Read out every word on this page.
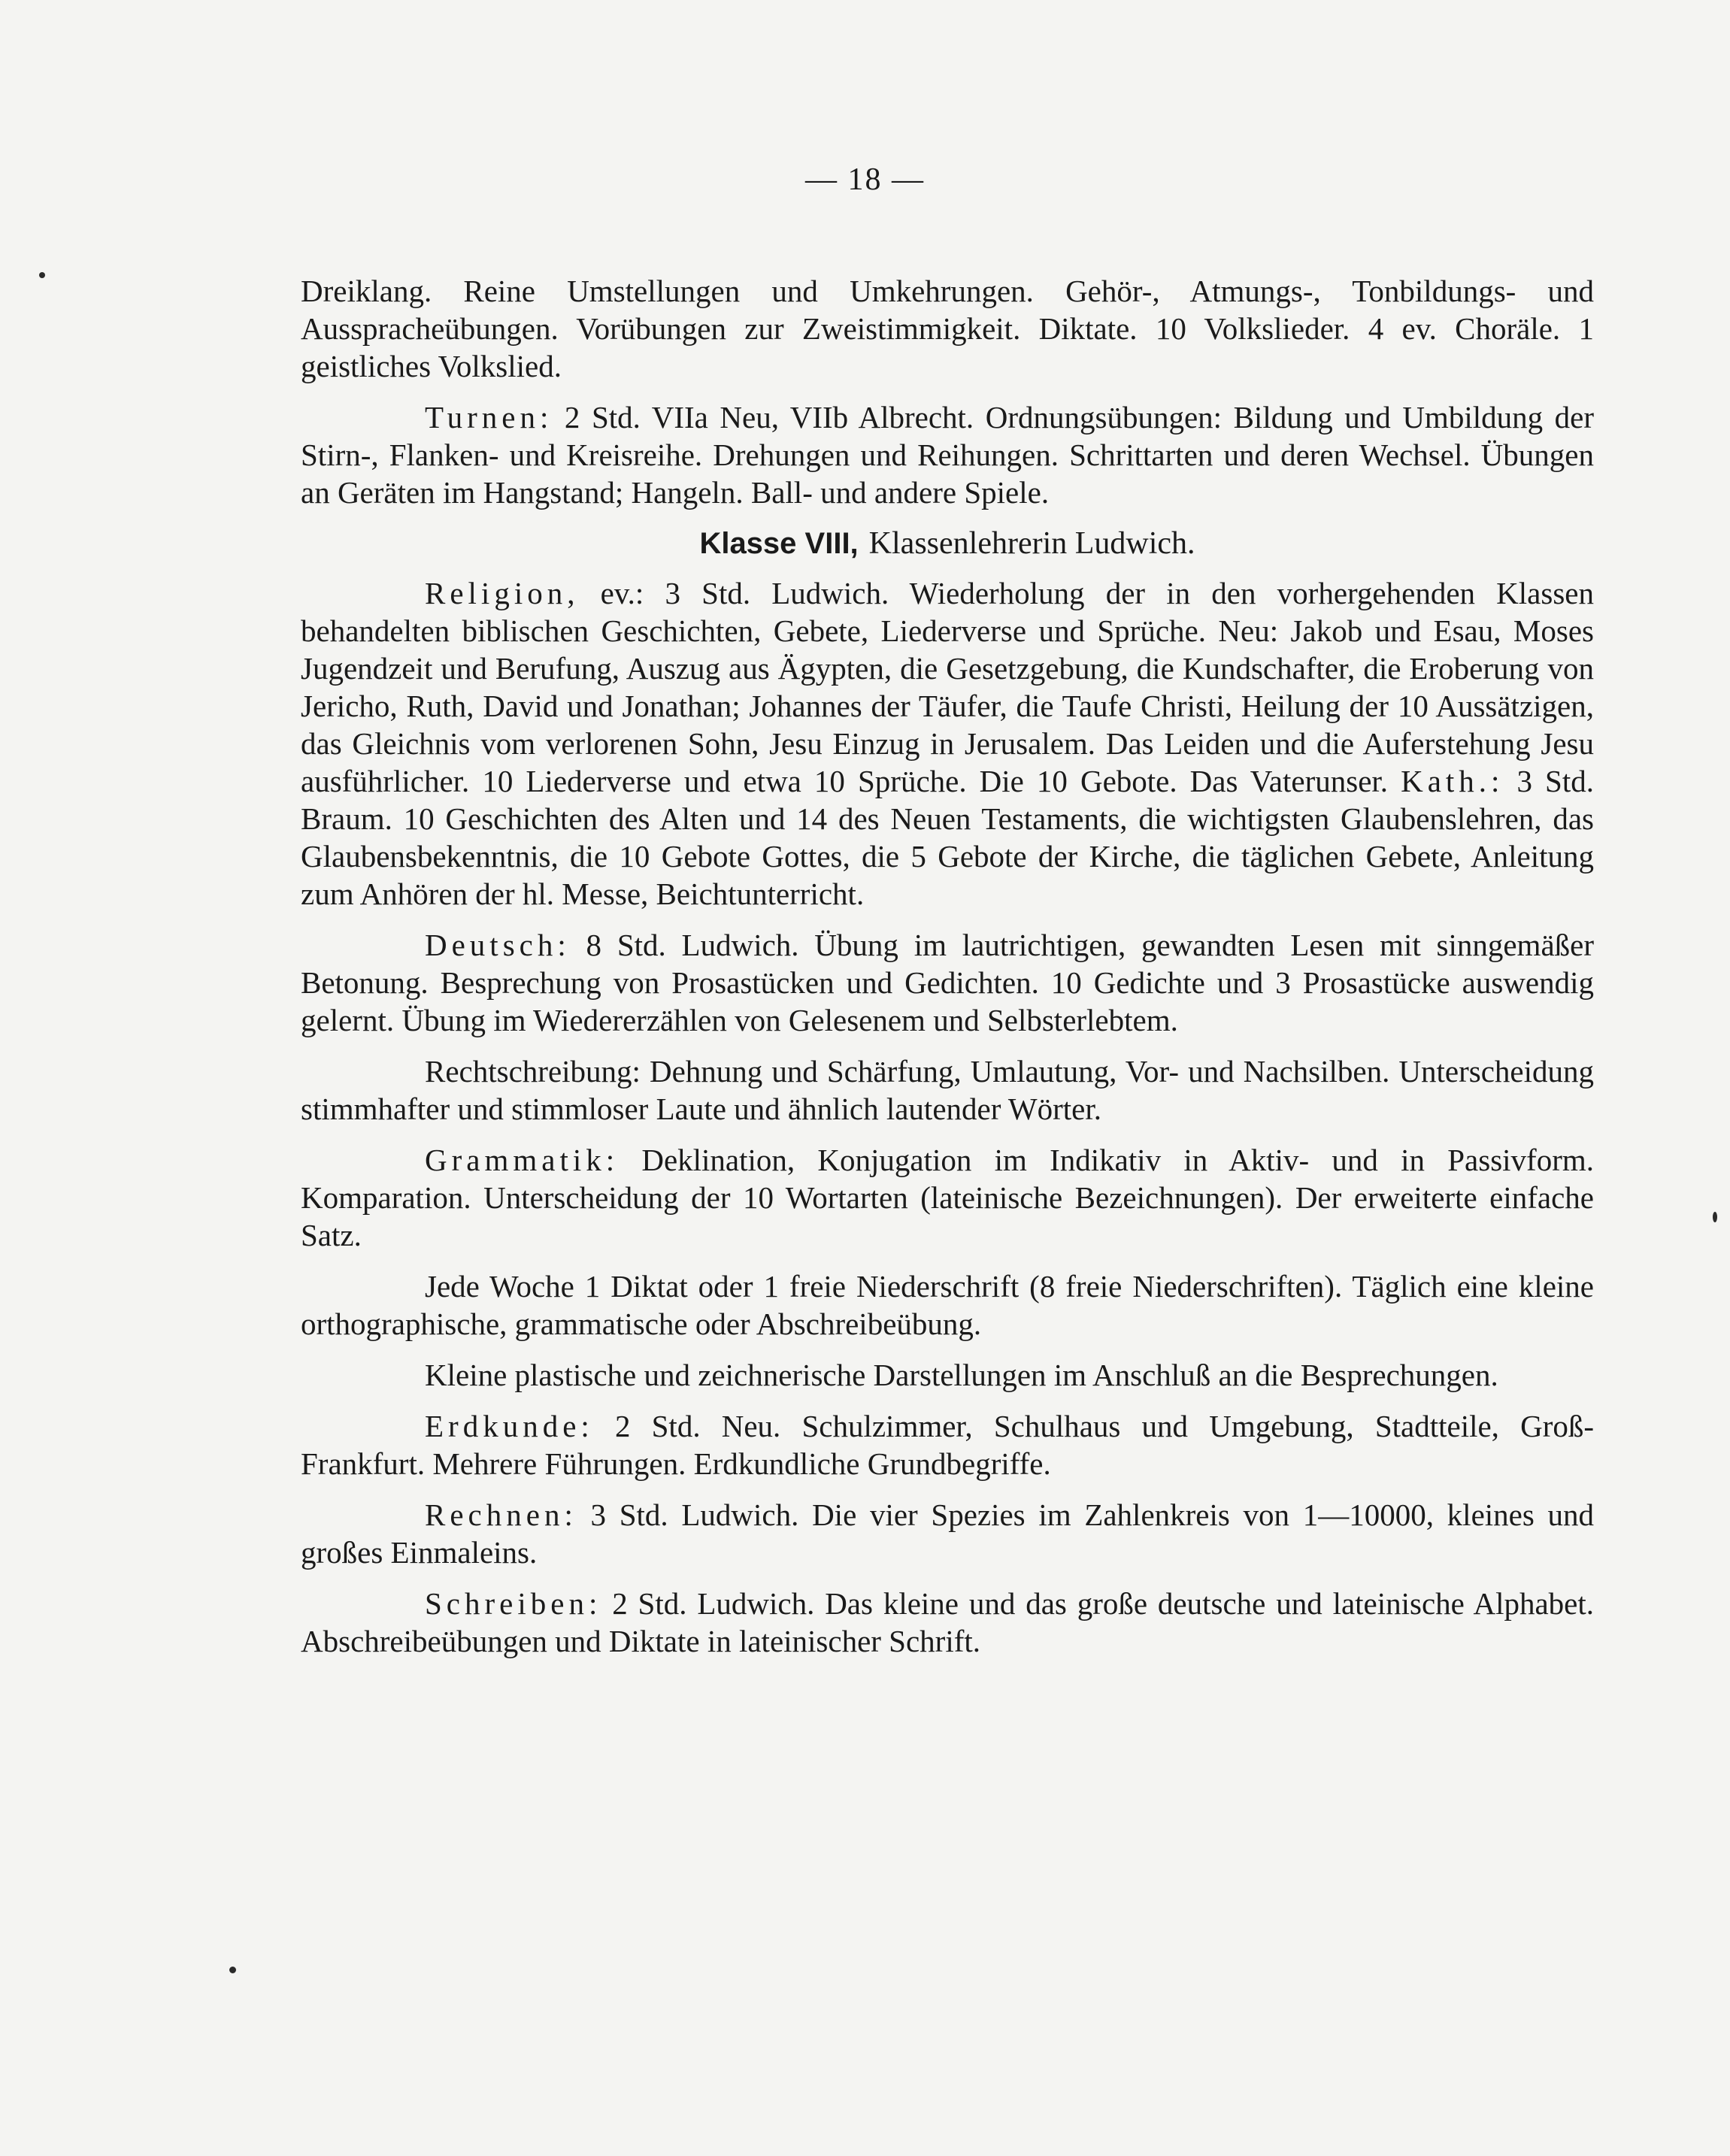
— 18 —

Dreiklang. Reine Umstellungen und Umkehrungen. Gehör-, Atmungs-, Tonbildungs- und Ausspracheübungen. Vorübungen zur Zweistimmigkeit. Diktate. 10 Volkslieder. 4 ev. Choräle. 1 geistliches Volkslied.

Turnen: 2 Std. VIIa Neu, VIIb Albrecht. Ordnungsübungen: Bildung und Umbildung der Stirn-, Flanken- und Kreisreihe. Drehungen und Reihungen. Schrittarten und deren Wechsel. Übungen an Geräten im Hangstand; Hangeln. Ball- und andere Spiele.

Klasse VIII, Klassenlehrerin Ludwich.

Religion, ev.: 3 Std. Ludwich. Wiederholung der in den vorhergehenden Klassen behandelten biblischen Geschichten, Gebete, Liederverse und Sprüche. Neu: Jakob und Esau, Moses Jugendzeit und Berufung, Auszug aus Ägypten, die Gesetzgebung, die Kundschafter, die Eroberung von Jericho, Ruth, David und Jonathan; Johannes der Täufer, die Taufe Christi, Heilung der 10 Aussätzigen, das Gleichnis vom verlorenen Sohn, Jesu Einzug in Jerusalem. Das Leiden und die Auferstehung Jesu ausführlicher. 10 Liederverse und etwa 10 Sprüche. Die 10 Gebote. Das Vaterunser. Kath.: 3 Std. Braum. 10 Geschichten des Alten und 14 des Neuen Testaments, die wichtigsten Glaubenslehren, das Glaubensbekenntnis, die 10 Gebote Gottes, die 5 Gebote der Kirche, die täglichen Gebete, Anleitung zum Anhören der hl. Messe, Beichtunterricht.

Deutsch: 8 Std. Ludwich. Übung im lautrichtigen, gewandten Lesen mit sinngemäßer Betonung. Besprechung von Prosastücken und Gedichten. 10 Gedichte und 3 Prosastücke auswendig gelernt. Übung im Wiedererzählen von Gelesenem und Selbsterlebtem.

Rechtschreibung: Dehnung und Schärfung, Umlautung, Vor- und Nachsilben. Unterscheidung stimmhafter und stimmloser Laute und ähnlich lautender Wörter.

Grammatik: Deklination, Konjugation im Indikativ in Aktiv- und in Passivform. Komparation. Unterscheidung der 10 Wortarten (lateinische Bezeichnungen). Der erweiterte einfache Satz.

Jede Woche 1 Diktat oder 1 freie Niederschrift (8 freie Niederschriften). Täglich eine kleine orthographische, grammatische oder Abschreibeübung.

Kleine plastische und zeichnerische Darstellungen im Anschluß an die Besprechungen.

Erdkunde: 2 Std. Neu. Schulzimmer, Schulhaus und Umgebung, Stadtteile, Groß-Frankfurt. Mehrere Führungen. Erdkundliche Grundbegriffe.

Rechnen: 3 Std. Ludwich. Die vier Spezies im Zahlenkreis von 1—10000, kleines und großes Einmaleins.

Schreiben: 2 Std. Ludwich. Das kleine und das große deutsche und lateinische Alphabet. Abschreibeübungen und Diktate in lateinischer Schrift.
